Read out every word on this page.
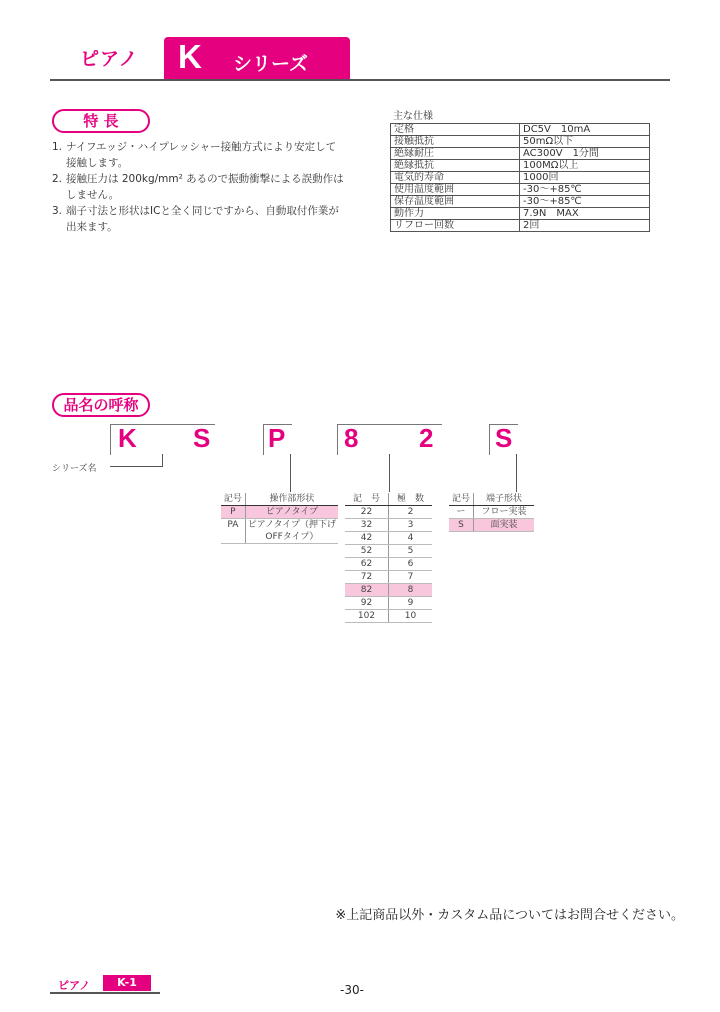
ピアノ K シリーズ
特 長
1. ナイフエッジ・ハイプレッシャー接触方式により安定して
接触します。
2. 接触圧力は 200kg/mm² あるので振動衝撃による誤動作は
しません。
3. 端子寸法と形状はICと全く同じですから、自動取付作業が
出来ます。
主な仕様
定格	DC5V　10mA
接触抵抗	50mΩ以下
絶縁耐圧	AC300V　1分間
絶縁抵抗	100MΩ以上
電気的寿命	1000回
使用温度範囲	-30～+85℃
保存温度範囲	-30～+85℃
動作力	7.9N　MAX
リフロー回数	2回
品名の呼称
K S P 8 2 S
シリーズ名
記号	操作部形状
P	ピアノタイプ
PA	ピアノタイプ（押下げ
OFFタイプ）
記　号	極　数
22	2
32	3
42	4
52	5
62	6
72	7
82	8
92	9
102	10
記号	端子形状
ー	フロー実装
S	面実装
※上記商品以外・カスタム品についてはお問合せください。
ピアノ	K-1
-30-
